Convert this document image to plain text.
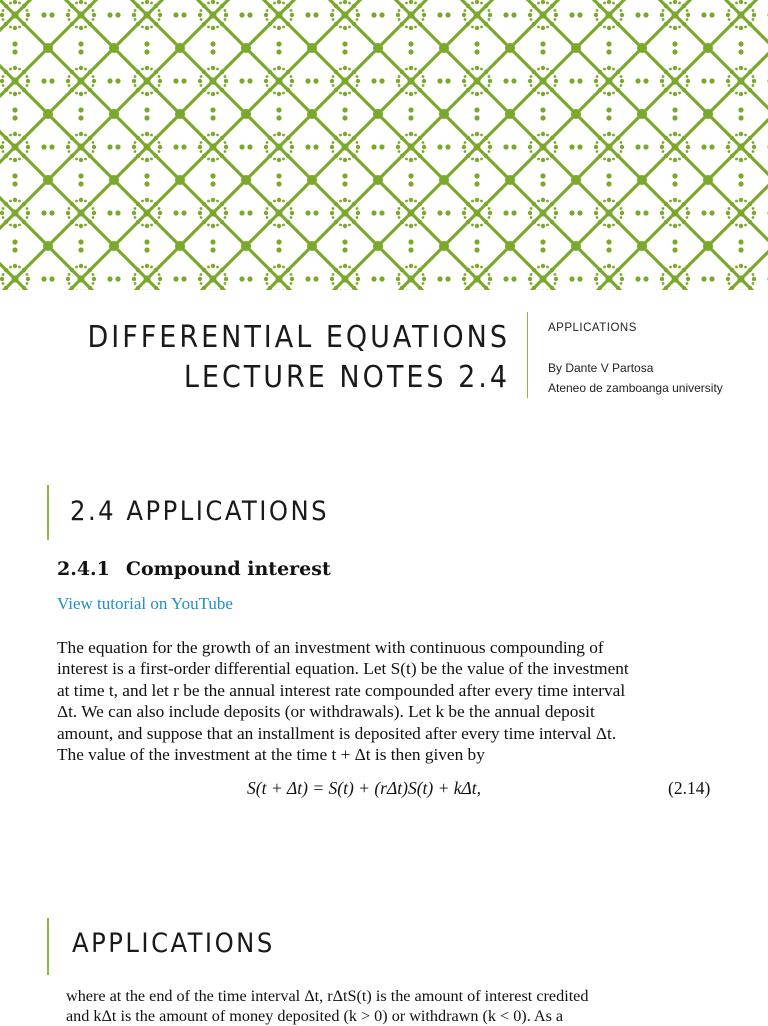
DIFFERENTIAL EQUATIONS
LECTURE NOTES 2.4
APPLICATIONS
By Dante V Partosa
Ateneo de zamboanga university
2.4 APPLICATIONS
2.4.1 Compound interest
View tutorial on YouTube

The equation for the growth of an investment with continuous compounding of
interest is a first-order differential equation. Let S(t) be the value of the investment
at time t, and let r be the annual interest rate compounded after every time interval
Δt. We can also include deposits (or withdrawals). Let k be the annual deposit
amount, and suppose that an installment is deposited after every time interval Δt.
The value of the investment at the time t + Δt is then given by

S(t + Δt) = S(t) + (rΔt)S(t) + kΔt,	(2.14)
APPLICATIONS

where at the end of the time interval Δt, rΔtS(t) is the amount of interest credited
and kΔt is the amount of money deposited (k > 0) or withdrawn (k < 0). As a
